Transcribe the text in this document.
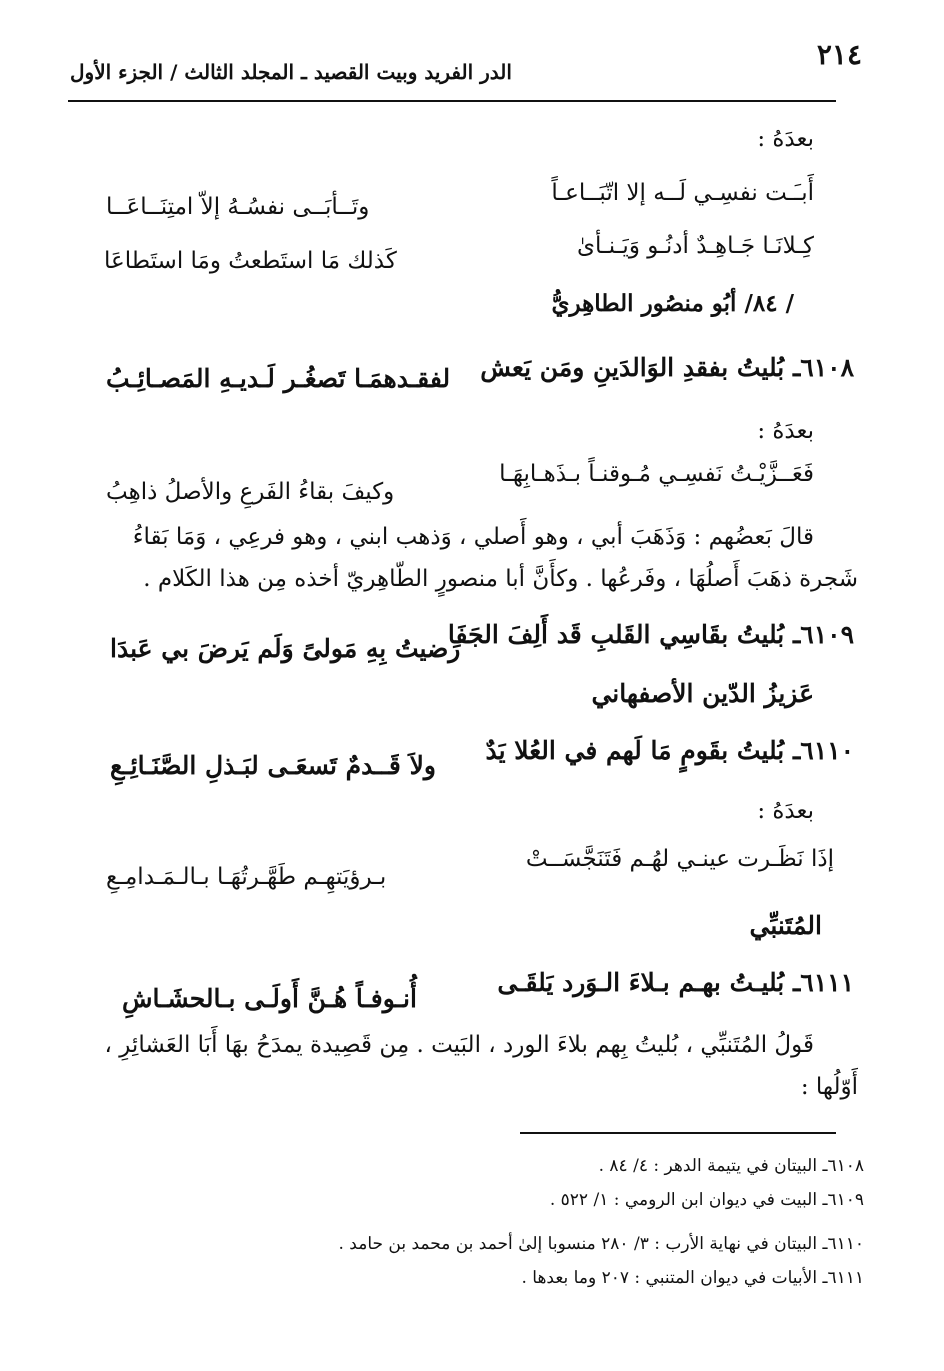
٢١٤
الدر الفريد وبيت القصيد ـ المجلد الثالث / الجزء الأول
بعدَهُ :
أَبـَـت نفسِـي لَــه إلا اتّبَــاعـاً
وتَــأبَــى نفسُـهُ إلاّ امتِنَــاعَــا
كِـلانَـا جَـاهِـدٌ أدنُـو وَيَـنـأىٰ
كَذلك مَا استَطعتُ ومَا استَطاعَا
/ ٨٤/ أبُو منصُور الطاهِريُّ
٦١٠٨ـ بُليتُ بفقدِ الوَالدَينِ ومَن يَعش
لفقـدهمَـا تَصغُـر لَـديـهِ المَصـائِـبُ
بعدَهُ :
فَعَــزَّيْـتُ نَفسِـي مُـوقنـاً بـذَهـابِهَـا
وكيفَ بقاءُ الفَرعِ والأصلُ ذاهِبُ
قالَ بَعضُهم : وَذَهَبَ أبي ، وهو أَصلي ، وَذهب ابني ، وهو فرعِي ، وَمَا بَقاءُ
شَجرة ذهَبَ أَصلُهَا ، وفَرعُها . وكأَنَّ أبا منصورٍ الطّاهِريّ أخذه مِن هذا الكَلام .
٦١٠٩ـ بُليتُ بقَاسِي القَلبِ قَد أَلِفَ الجَفَا
رَضيتُ بِهِ مَولىً وَلَم يَرضَ بي عَبدَا
عَزيزُ الدّين الأصفهاني
٦١١٠ـ بُليتُ بقَومٍ مَا لَهم في العُلا يَدٌ
ولاَ قَــدمٌ تَسعَـى لبَـذلِ الصَّنَـائِـعِ
بعدَهُ :
إذَا نَظَـرت عينـي لهُـم فَتَنَجَّسَــتْ
بـرؤيَتهِـم طَهَّـرتُهَـا بـالـمَـدامِـعِ
المُتَنبِّي
٦١١١ـ بُليـتُ بهـم بـلاءَ الـوَرد يَلقَـى
أُنـوفـاً هُـنَّ أَولَـى بـالحشَـاشِ
قَولُ المُتَنبِّي ، بُليتُ بِهم بلاءَ الورد ، البَيت . مِن قَصِيدة يمدَحُ بهَا أَبَا العَشائِرِ ،
أَوّلُها :
٦١٠٨ـ البيتان في يتيمة الدهر : ٤/ ٨٤ .
٦١٠٩ـ البيت في ديوان ابن الرومي : ١/ ٥٢٢ .
٦١١٠ـ البيتان في نهاية الأرب : ٣/ ٢٨٠ منسوبا إلىٰ أحمد بن محمد بن حامد .
٦١١١ـ الأبيات في ديوان المتنبي : ٢٠٧ وما بعدها .
